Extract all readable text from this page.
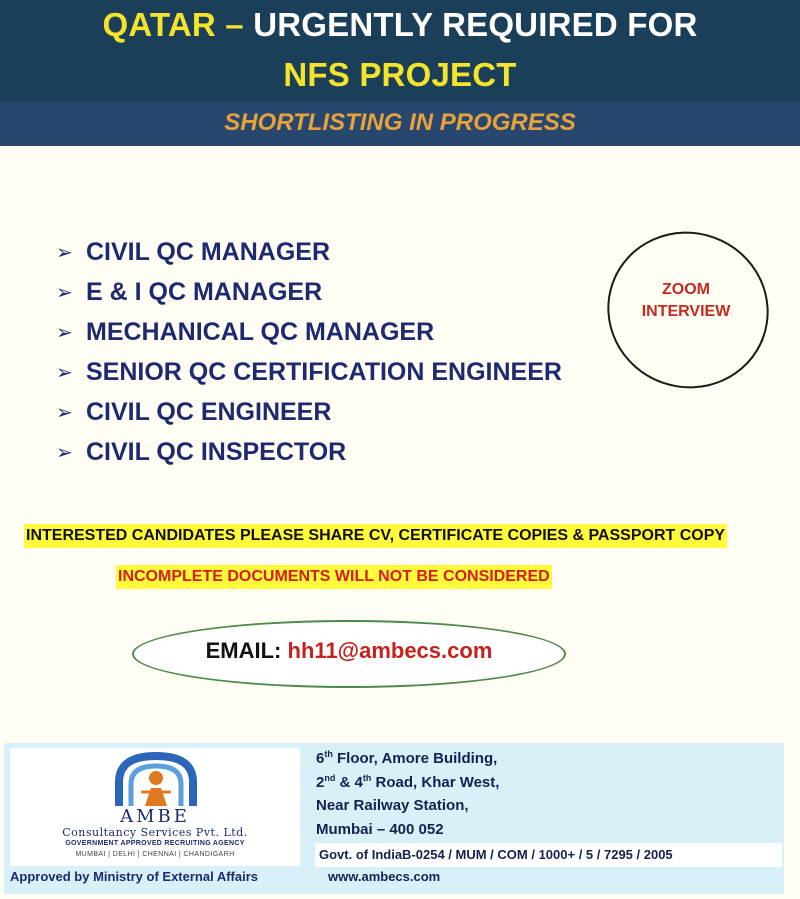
QATAR – URGENTLY REQUIRED FOR
NFS PROJECT
SHORTLISTING IN PROGRESS
➢ CIVIL QC MANAGER
➢ E & I QC MANAGER
➢ MECHANICAL QC MANAGER
➢ SENIOR QC CERTIFICATION ENGINEER
➢ CIVIL QC ENGINEER
➢ CIVIL QC INSPECTOR
ZOOM
INTERVIEW
INTERESTED CANDIDATES PLEASE SHARE CV, CERTIFICATE COPIES & PASSPORT COPY
INCOMPLETE DOCUMENTS WILL NOT BE CONSIDERED
EMAIL: hh11@ambecs.com
AMBE
Consultancy Services Pvt. Ltd.
GOVERNMENT APPROVED RECRUITING AGENCY
MUMBAI | DELHI | CHENNAI | CHANDIGARH
Approved by Ministry of External Affairs
6th Floor, Amore Building,
2nd & 4th Road, Khar West,
Near Railway Station,
Mumbai – 400 052
Govt. of IndiaB-0254 / MUM / COM / 1000+ / 5 / 7295 / 2005
www.ambecs.com
